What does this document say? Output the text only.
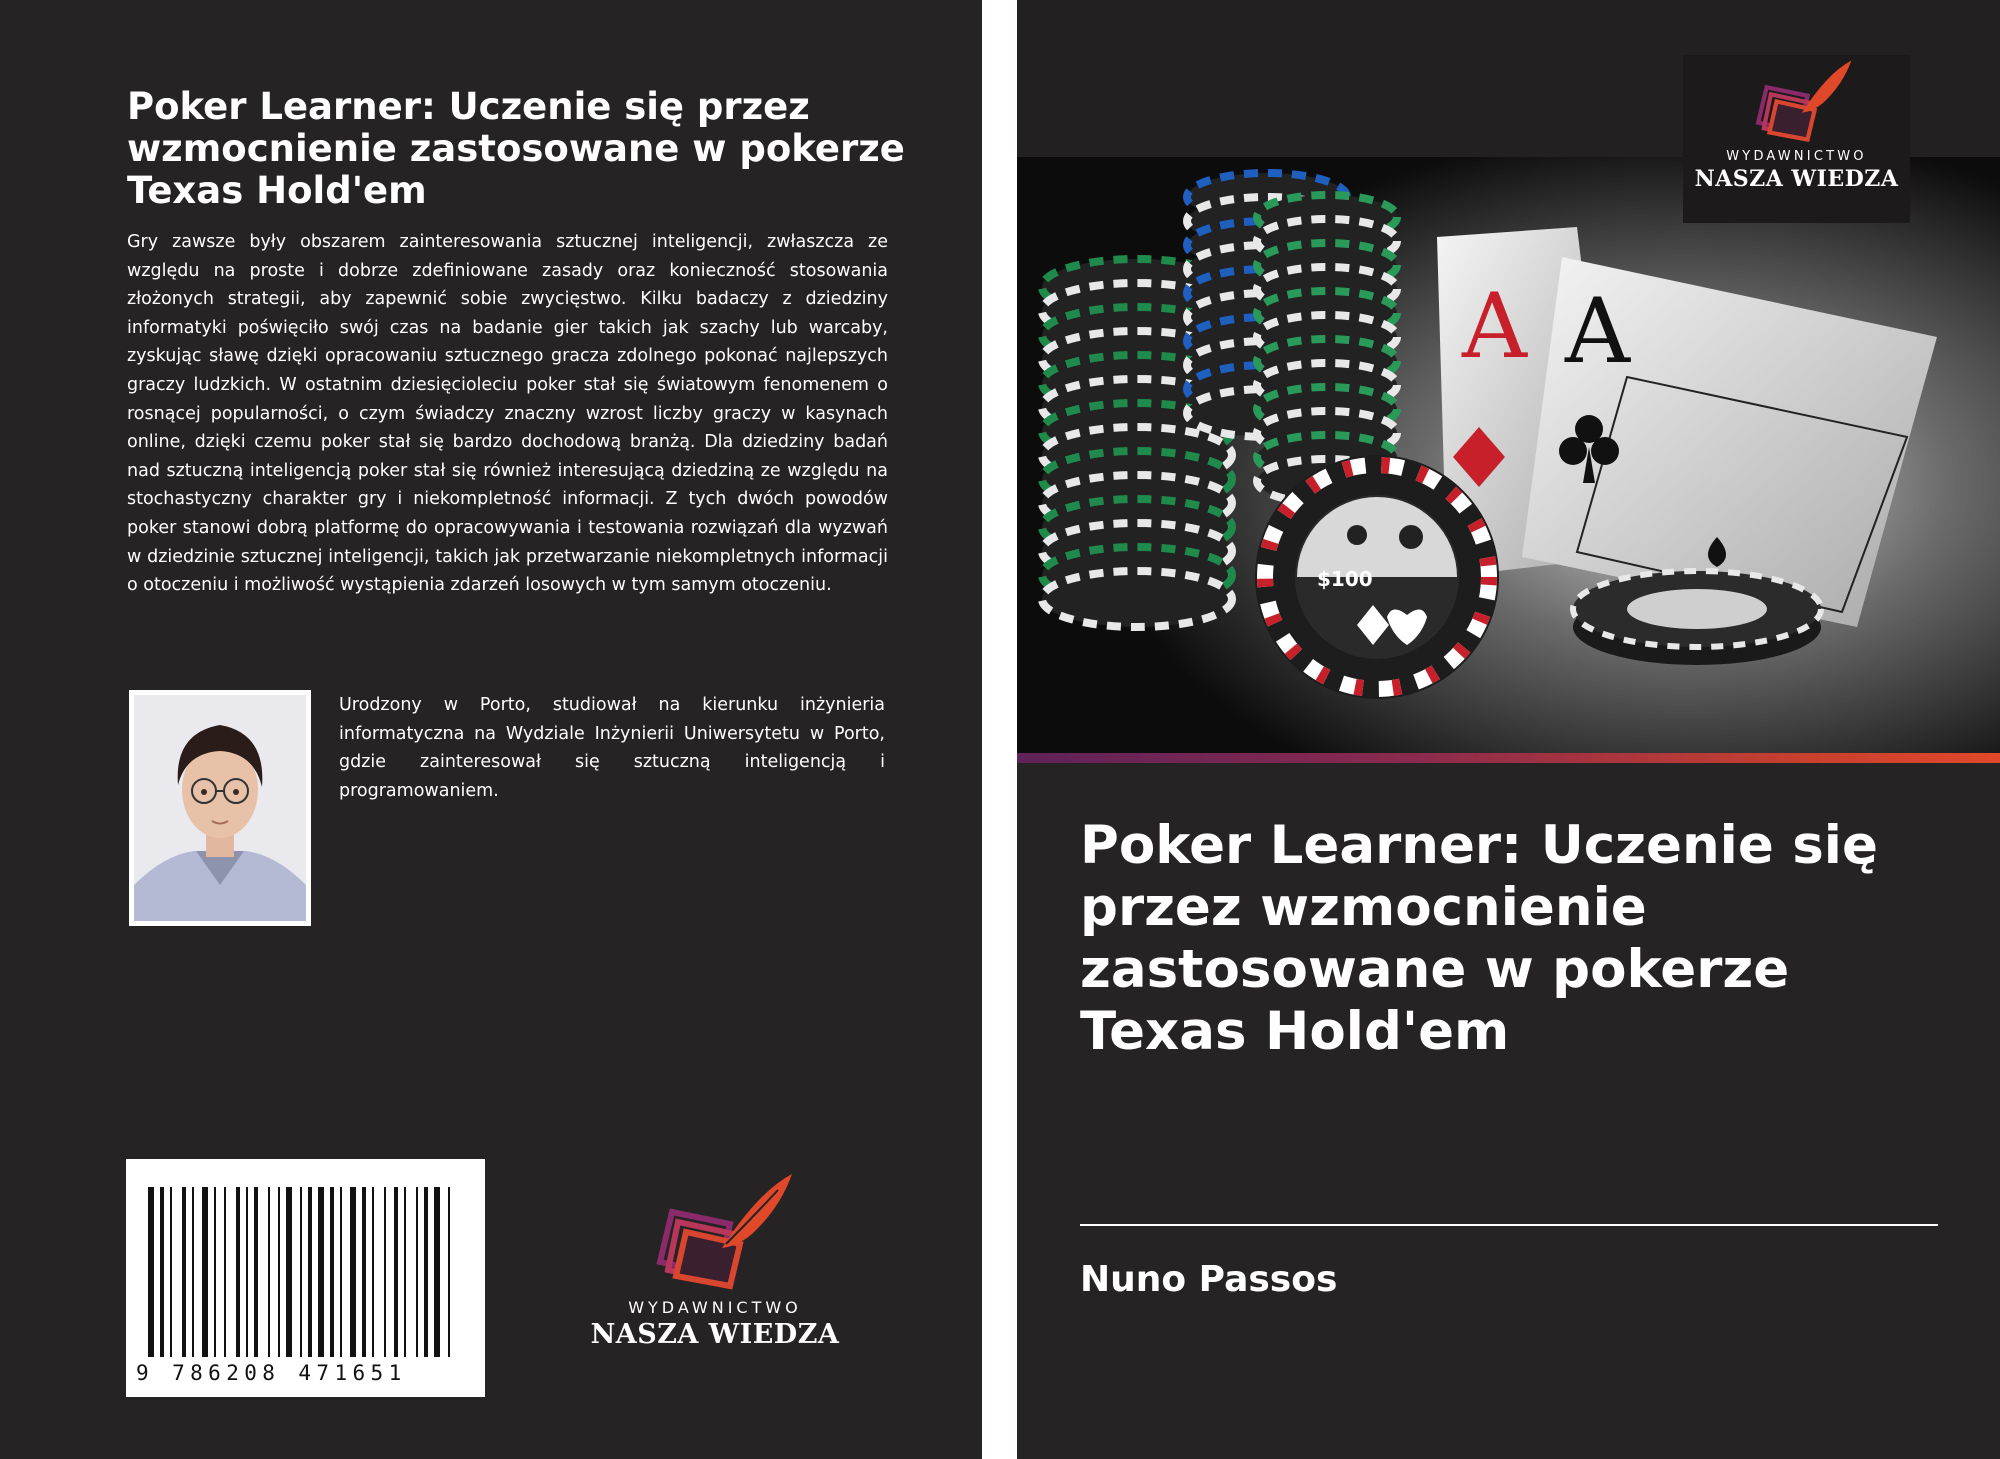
Poker Learner: Uczenie się przez wzmocnienie zastosowane w pokerze Texas Hold'em

Gry zawsze były obszarem zainteresowania sztucznej inteligencji, zwłaszcza ze względu na proste i dobrze zdefiniowane zasady oraz konieczność stosowania złożonych strategii, aby zapewnić sobie zwycięstwo. Kilku badaczy z dziedziny informatyki poświęciło swój czas na badanie gier takich jak szachy lub warcaby, zyskując sławę dzięki opracowaniu sztucznego gracza zdolnego pokonać najlepszych graczy ludzkich. W ostatnim dziesięcioleciu poker stał się światowym fenomenem o rosnącej popularności, o czym świadczy znaczny wzrost liczby graczy w kasynach online, dzięki czemu poker stał się bardzo dochodową branżą. Dla dziedziny badań nad sztuczną inteligencją poker stał się również interesującą dziedziną ze względu na stochastyczny charakter gry i niekompletność informacji. Z tych dwóch powodów poker stanowi dobrą platformę do opracowywania i testowania rozwiązań dla wyzwań w dziedzinie sztucznej inteligencji, takich jak przetwarzanie niekompletnych informacji o otoczeniu i możliwość wystąpienia zdarzeń losowych w tym samym otoczeniu.

Urodzony w Porto, studiował na kierunku inżynieria informatyczna na Wydziale Inżynierii Uniwersytetu w Porto, gdzie zainteresował się sztuczną inteligencją i programowaniem.

9 786208 471651
WYDAWNICTWO
NASZA WIEDZA
A A
$100
WYDAWNICTWO
NASZA WIEDZA
Poker Learner: Uczenie się przez wzmocnienie zastosowane w pokerze Texas Hold'em

Nuno Passos
